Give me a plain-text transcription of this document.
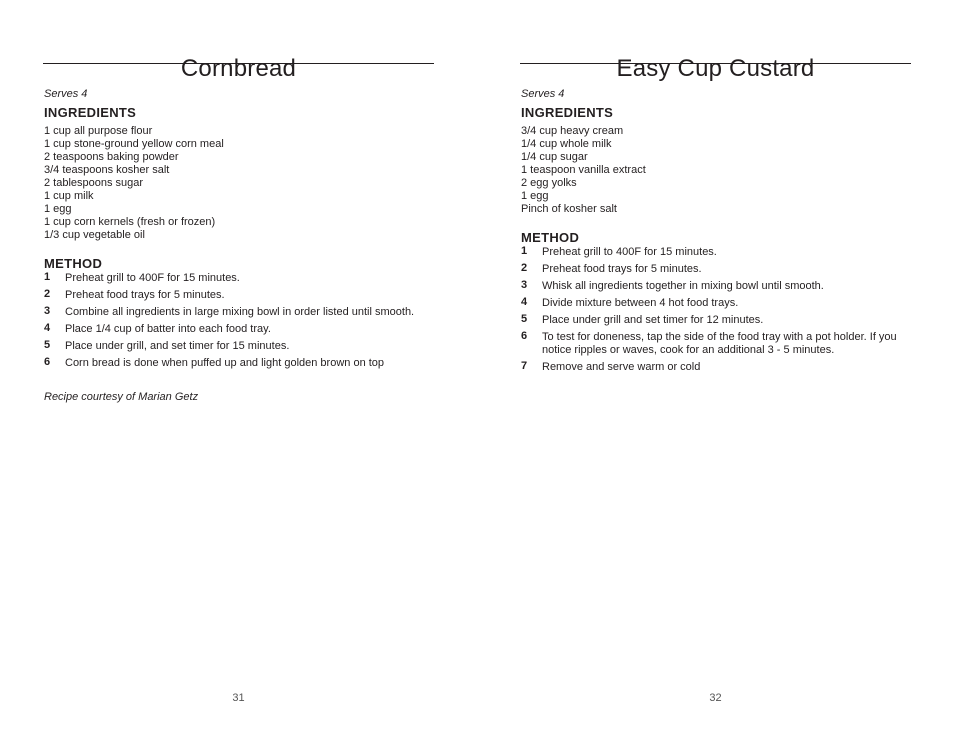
Cornbread

Serves 4

INGREDIENTS
1 cup all purpose flour
1 cup stone-ground yellow corn meal
2 teaspoons baking powder
3/4 teaspoons kosher salt
2 tablespoons sugar
1 cup milk
1 egg
1 cup corn kernels (fresh or frozen)
1/3 cup vegetable oil
METHOD
1 Preheat grill to 400F for 15 minutes.
2 Preheat food trays for 5 minutes.
3 Combine all ingredients in large mixing bowl in order listed until smooth.
4 Place 1/4 cup of batter into each food tray.
5 Place under grill, and set timer for 15 minutes.
6 Corn bread is done when puffed up and light golden brown on top

Recipe courtesy of Marian Getz

31
Easy Cup Custard

Serves 4

INGREDIENTS
3/4 cup heavy cream
1/4 cup whole milk
1/4 cup sugar
1 teaspoon vanilla extract
2 egg yolks
1 egg
Pinch of kosher salt
METHOD
1 Preheat grill to 400F for 15 minutes.
2 Preheat food trays for 5 minutes.
3 Whisk all ingredients together in mixing bowl until smooth.
4 Divide mixture between 4 hot food trays.
5 Place under grill and set timer for 12 minutes.
6 To test for doneness, tap the side of the food tray with a pot holder. If you notice ripples or waves, cook for an additional 3 - 5 minutes.
7 Remove and serve warm or cold
32
